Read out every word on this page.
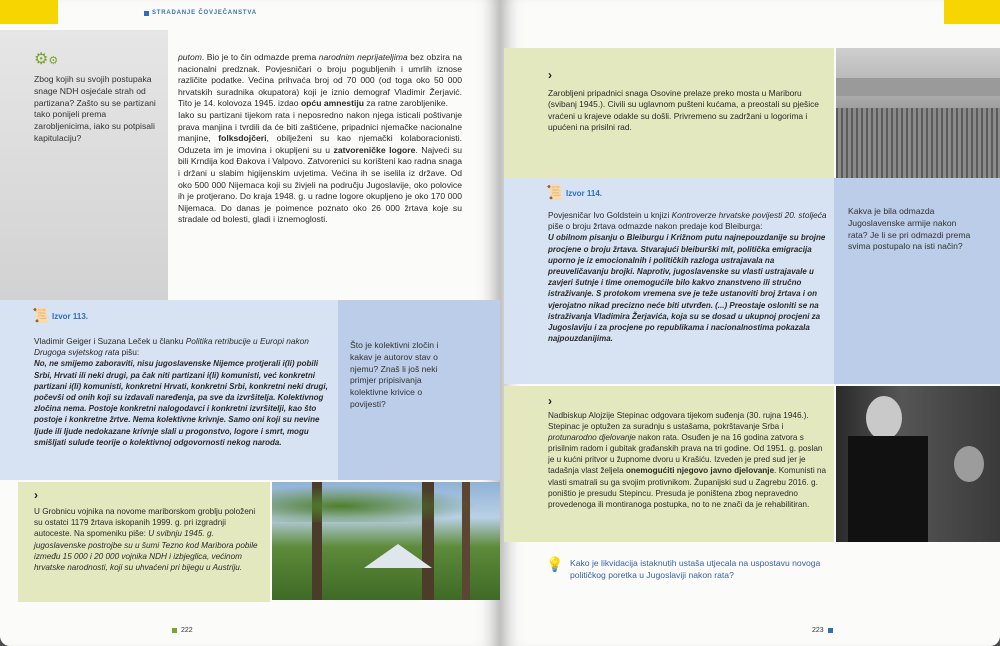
STRADANJE ČOVJEČANSTVA
⚙⚙
Zbog kojih su svojih postupaka snage NDH osjećale strah od partizana? Zašto su se partizani tako ponijeli prema zarobljenicima, iako su potpisali kapitulaciju?
putom. Bio je to čin odmazde prema narodnim neprijateljima bez obzira na nacionalni predznak. Povjesničari o broju pogubljenih i umrlih iznose različite podatke. Većina prihvaća broj od 70 000 (od toga oko 50 000 hrvatskih suradnika okupatora) koji je iznio demograf Vladimir Žerjavić. Tito je 14. kolovoza 1945. izdao opću amnestiju za ratne zarobljenike.
Iako su partizani tijekom rata i neposredno nakon njega isticali poštivanje prava manjina i tvrdili da će biti zaštićene, pripadnici njemačke nacionalne manjine, folksdojčeri, obilježeni su kao njemački kolaboracionisti. Oduzeta im je imovina i okupljeni su u zatvoreničke logore. Najveći su bili Krndija kod Đakova i Valpovo. Zatvorenici su korišteni kao radna snaga i držani u slabim higijenskim uvjetima. Većina ih se iselila iz države. Od oko 500 000 Nijemaca koji su živjeli na području Jugoslavije, oko polovice ih je protjerano. Do kraja 1948. g. u radne logore okupljeno je oko 170 000 Nijemaca. Do danas je poimence poznato oko 26 000 žrtava koje su stradale od bolesti, gladi i iznemoglosti.
📜 Izvor 113.
Vladimir Geiger i Suzana Leček u članku Politika retribucije u Europi nakon Drugoga svjetskog rata pišu:
No, ne smijemo zaboraviti, nisu jugoslavenske Nijemce protjerali i(li) pobili Srbi, Hrvati ili neki drugi, pa čak niti partizani i(li) komunisti, već konkretni partizani i(li) komunisti, konkretni Hrvati, konkretni Srbi, konkretni neki drugi, počevši od onih koji su izdavali naređenja, pa sve da izvršitelja. Kolektivnog zločina nema. Postoje konkretni nalogodavci i konkretni izvršitelji, kao što postoje i konkretne žrtve. Nema kolektivne krivnje. Samo oni koji su nevine ljude ili ljude nedokazane krivnje slali u progonstvo, logore i smrt, mogu smišljati sulude teorije o kolektivnoj odgovornosti nekog naroda.
Što je kolektivni zločin i kakav je autorov stav o njemu? Znaš li još neki primjer pripisivanja kolektivne krivice o povijesti?
›
U Grobnicu vojnika na novome mariborskom groblju položeni su ostatci 1179 žrtava iskopanih 1999. g. pri izgradnji autoceste. Na spomeniku piše: U svibnju 1945. g. jugoslavenske postrojbe su u šumi Tezno kod Maribora pobile između 15 000 i 20 000 vojnika NDH i izbjeglica, većinom hrvatske narodnosti, koji su uhvaćeni pri bijegu u Austriju.
222
›
Zarobljeni pripadnici snaga Osovine prelaze preko mosta u Mariboru (svibanj 1945.). Civili su uglavnom pušteni kućama, a preostali su pješice vraćeni u krajeve odakle su došli. Privremeno su zadržani u logorima i upućeni na prisilni rad.
📜 Izvor 114.
Povjesničar Ivo Goldstein u knjizi Kontroverze hrvatske povijesti 20. stoljeća piše o broju žrtava odmazde nakon predaje kod Bleiburga:
U obilnom pisanju o Bleiburgu i Križnom putu najnepouzdanije su brojne procjene o broju žrtava. Stvarajući bleiburški mit, politička emigracija uporno je iz emocionalnih i političkih razloga ustrajavala na preuveličavanju brojki. Naprotiv, jugoslavenske su vlasti ustrajavale u zavjeri šutnje i time onemogućile bilo kakvo znanstveno ili stručno istraživanje. S protokom vremena sve je teže ustanoviti broj žrtava i on vjerojatno nikad precizno neće biti utvrđen. (...) Preostaje osloniti se na istraživanja Vladimira Žerjavića, koja su se dosad u ukupnoj procjeni za Jugoslaviju i za procjene po republikama i nacionalnostima pokazala najpouzdanijima.
Kakva je bila odmazda Jugoslavenske armije nakon rata? Je li se pri odmazdi prema svima postupalo na isti način?
›
Nadbiskup Alojzije Stepinac odgovara tijekom suđenja (30. rujna 1946.). Stepinac je optužen za suradnju s ustašama, pokrštavanje Srba i protunarodno djelovanje nakon rata. Osuđen je na 16 godina zatvora s prisilnim radom i gubitak građanskih prava na tri godine. Od 1951. g. poslan je u kućni pritvor u župnome dvoru u Krašiću. Izveden je pred sud jer je tadašnja vlast željela onemogućiti njegovo javno djelovanje. Komunisti na vlasti smatrali su ga svojim protivnikom. Županijski sud u Zagrebu 2016. g. poništio je presudu Stepincu. Presuda je poništena zbog nepravedno provedenoga ili montiranoga postupka, no to ne znači da je rehabilitiran.
💡 Kako je likvidacija istaknutih ustaša utjecala na uspostavu novoga političkog poretka u Jugoslaviji nakon rata?
223
